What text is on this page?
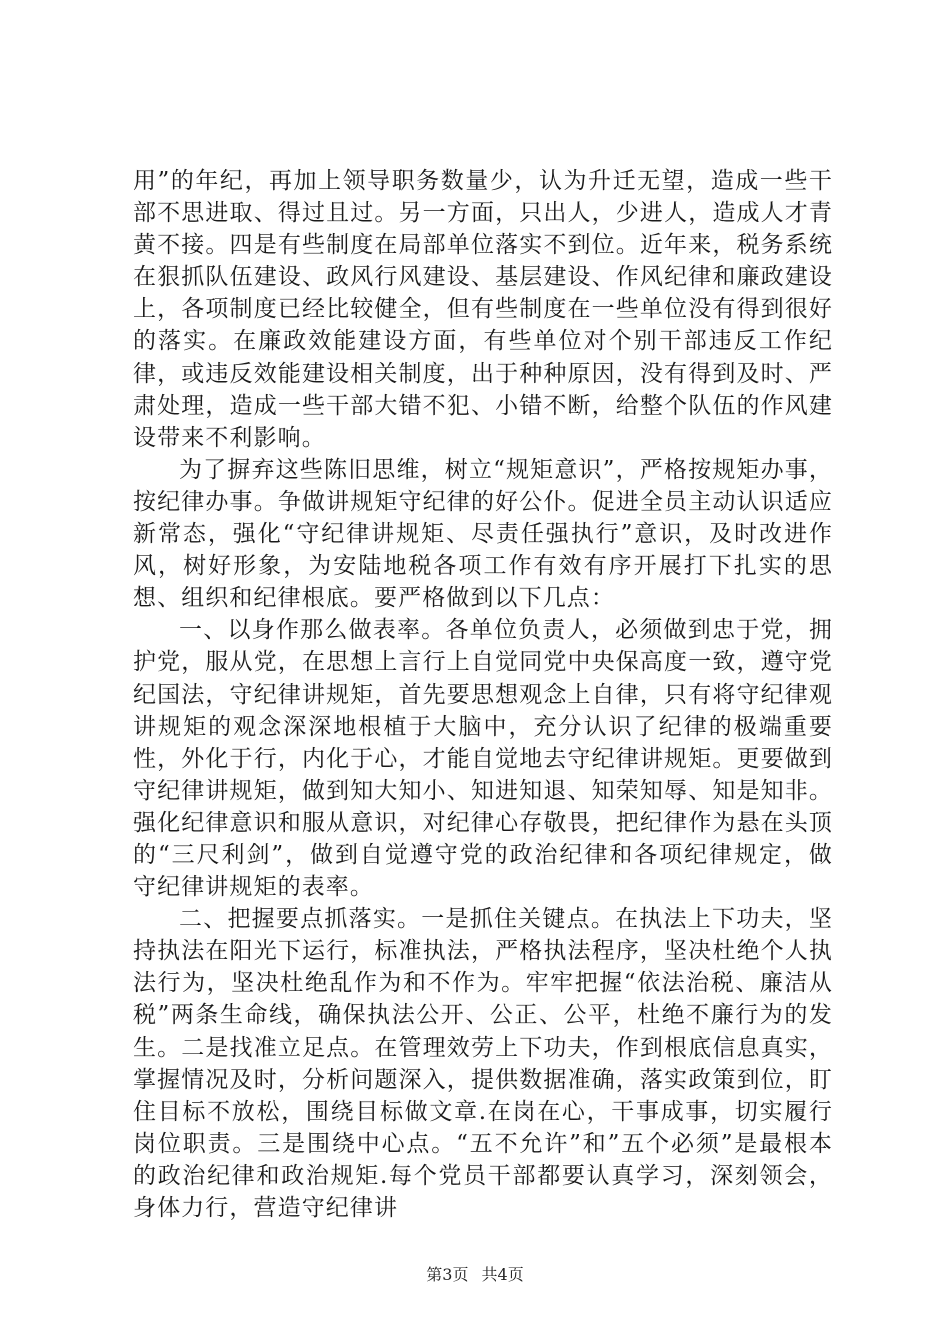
用”的年纪，再加上领导职务数量少，认为升迁无望，造成一些干部不思进取、得过且过。另一方面，只出人，少进人，造成人才青黄不接。四是有些制度在局部单位落实不到位。近年来，税务系统在狠抓队伍建设、政风行风建设、基层建设、作风纪律和廉政建设上，各项制度已经比较健全，但有些制度在一些单位没有得到很好的落实。在廉政效能建设方面，有些单位对个别干部违反工作纪律，或违反效能建设相关制度，出于种种原因，没有得到及时、严肃处理，造成一些干部大错不犯、小错不断，给整个队伍的作风建设带来不利影响。

为了摒弃这些陈旧思维，树立“规矩意识”，严格按规矩办事，按纪律办事。争做讲规矩守纪律的好公仆。促进全员主动认识适应新常态，强化“守纪律讲规矩、尽责任强执行”意识，及时改进作风，树好形象，为安陆地税各项工作有效有序开展打下扎实的思想、组织和纪律根底。要严格做到以下几点：

一、以身作那么做表率。各单位负责人，必须做到忠于党，拥护党，服从党，在思想上言行上自觉同党中央保高度一致，遵守党纪国法，守纪律讲规矩，首先要思想观念上自律，只有将守纪律观讲规矩的观念深深地根植于大脑中，充分认识了纪律的极端重要性，外化于行，内化于心，才能自觉地去守纪律讲规矩。更要做到守纪律讲规矩，做到知大知小、知进知退、知荣知辱、知是知非。强化纪律意识和服从意识，对纪律心存敬畏，把纪律作为悬在头顶的“三尺利剑”，做到自觉遵守党的政治纪律和各项纪律规定，做守纪律讲规矩的表率。

二、把握要点抓落实。一是抓住关键点。在执法上下功夫，坚持执法在阳光下运行，标准执法，严格执法程序，坚决杜绝个人执法行为，坚决杜绝乱作为和不作为。牢牢把握“依法治税、廉洁从税”两条生命线，确保执法公开、公正、公平，杜绝不廉行为的发生。二是找准立足点。在管理效劳上下功夫，作到根底信息真实，掌握情况及时，分析问题深入，提供数据准确，落实政策到位，盯住目标不放松，围绕目标做文章.在岗在心，干事成事，切实履行岗位职责。三是围绕中心点。“五不允许”和”五个必须”是最根本的政治纪律和政治规矩.每个党员干部都要认真学习，深刻领会，身体力行，营造守纪律讲

第3页 共4页
